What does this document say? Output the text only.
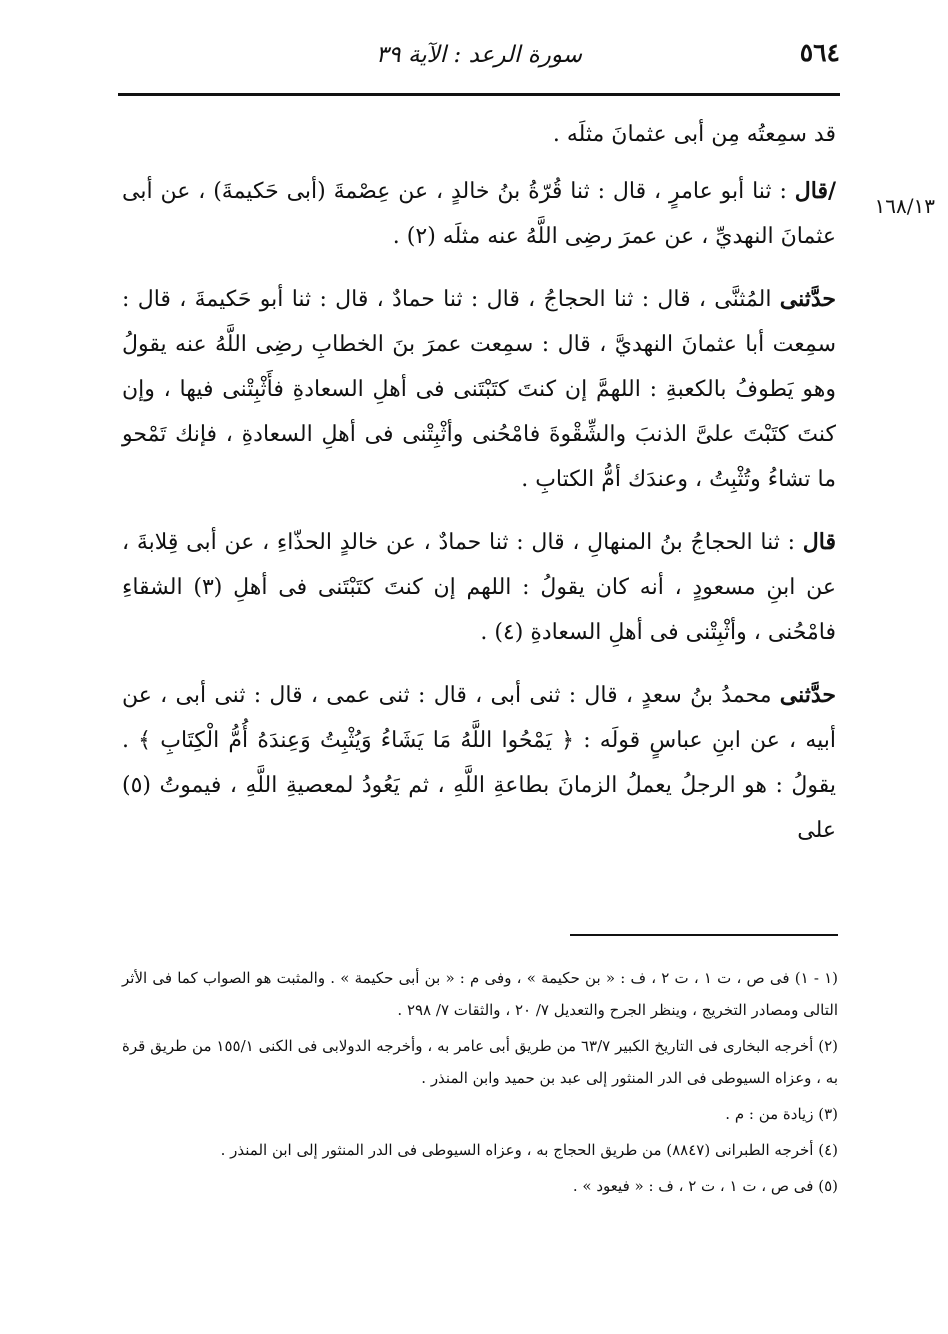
٥٦٤
سورة الرعد : الآية ٣٩
١٦٨/١٣

قد سمِعتُه مِن أبى عثمانَ مثلَه .

/قال : ثنا أبو عامرٍ ، قال : ثنا قُرّةُ بنُ خالدٍ ، عن عِصْمةَ (أبى حَكيمةَ) ، عن أبى عثمانَ النهديِّ ، عن عمرَ رضِى اللَّهُ عنه مثلَه (٢) .

حدَّثنى المُثنَّى ، قال : ثنا الحجاجُ ، قال : ثنا حمادٌ ، قال : ثنا أبو حَكيمةَ ، قال : سمِعت أبا عثمانَ النهديَّ ، قال : سمِعت عمرَ بنَ الخطابِ رضِى اللَّهُ عنه يقولُ وهو يَطوفُ بالكعبةِ : اللهمَّ إن كنتَ كتَبْتَنى فى أهلِ السعادةِ فأَثْبِتْنى فيها ، وإن كنتَ كتَبْتَ علىَّ الذنبَ والشِّقْوةَ فامْحُنى وأثْبِتْنى فى أهلِ السعادةِ ، فإنك تَمْحو ما تشاءُ وتُثْبِتُ ، وعندَك أمُّ الكتابِ .

قال : ثنا الحجاجُ بنُ المنهالِ ، قال : ثنا حمادٌ ، عن خالدٍ الحذّاءِ ، عن أبى قِلابةَ ، عن ابنِ مسعودٍ ، أنه كان يقولُ : اللهم إن كنتَ كتَبْتَنى فى أهلِ (٣) الشقاءِ فامْحُنى ، وأثْبِتْنى فى أهلِ السعادةِ (٤) .

حدَّثنى محمدُ بنُ سعدٍ ، قال : ثنى أبى ، قال : ثنى عمى ، قال : ثنى أبى ، عن أبيه ، عن ابنِ عباسٍ قولَه : ﴿ يَمْحُوا اللَّهُ مَا يَشَاءُ وَيُثْبِتُ وَعِندَهُ أُمُّ الْكِتَابِ ﴾ . يقولُ : هو الرجلُ يعملُ الزمانَ بطاعةِ اللَّهِ ، ثم يَعُودُ لمعصيةِ اللَّهِ ، فيموتُ (٥) على

(١ - ١) فى ص ، ت ١ ، ت ٢ ، ف : « بن حكيمة » ، وفى م : « بن أبى حكيمة » . والمثبت هو الصواب كما فى الأثر التالى ومصادر التخريج ، وينظر الجرح والتعديل ٧/ ٢٠ ، والثقات ٧/ ٢٩٨ .

(٢) أخرجه البخارى فى التاريخ الكبير ٦٣/٧ من طريق أبى عامر به ، وأخرجه الدولابى فى الكنى ١٥٥/١ من طريق قرة به ، وعزاه السيوطى فى الدر المنثور إلى عبد بن حميد وابن المنذر .

(٣) زيادة من : م .

(٤) أخرجه الطبرانى (٨٨٤٧) من طريق الحجاج به ، وعزاه السيوطى فى الدر المنثور إلى ابن المنذر .

(٥) فى ص ، ت ١ ، ت ٢ ، ف : « فيعود » .
